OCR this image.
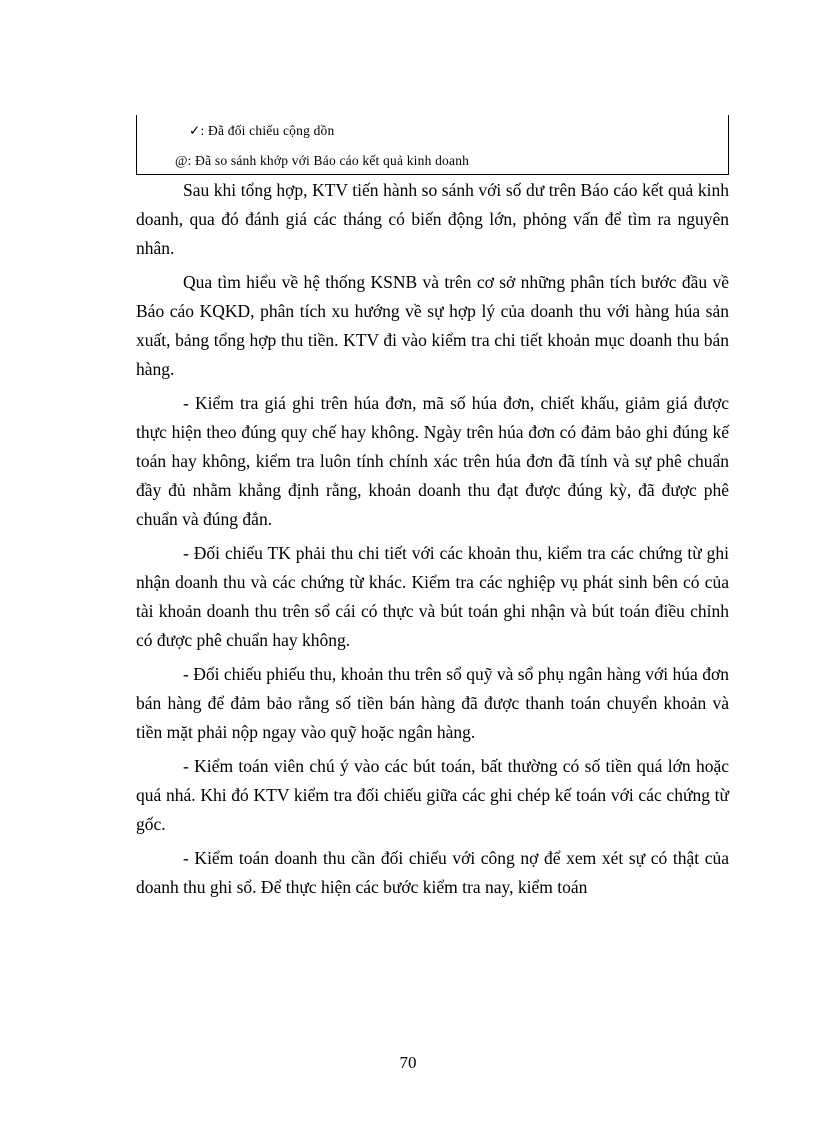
✓: Đã đối chiếu cộng dồn
@: Đã so sánh khớp với Báo cáo kết quả kinh doanh

Sau khi tổng hợp, KTV tiến hành so sánh với số dư trên Báo cáo kết quả kinh doanh, qua đó đánh giá các tháng có biến động lớn, phỏng vấn để tìm ra nguyên nhân.

Qua tìm hiểu về hệ thống KSNB và trên cơ sở những phân tích bước đầu về Báo cáo KQKD, phân tích xu hướng về sự hợp lý của doanh thu với hàng húa sản xuất, bảng tổng hợp thu tiền. KTV đi vào kiểm tra chi tiết khoản mục doanh thu bán hàng.

- Kiểm tra giá ghi trên húa đơn, mã số húa đơn, chiết khấu, giảm giá được thực hiện theo đúng quy chế hay không. Ngày trên húa đơn có đảm bảo ghi đúng kế toán hay không, kiểm tra luôn tính chính xác trên húa đơn đã tính và sự phê chuẩn đầy đủ nhằm khẳng định rằng, khoản doanh thu đạt được đúng kỳ, đã được phê chuẩn và đúng đắn.

- Đối chiếu TK phải thu chi tiết với các khoản thu, kiểm tra các chứng từ ghi nhận doanh thu và các chứng từ khác. Kiểm tra các nghiệp vụ phát sinh bên có của tài khoản doanh thu trên sổ cái có thực và bút toán ghi nhận và bút toán điều chỉnh có được phê chuẩn hay không.

- Đối chiếu phiếu thu, khoản thu trên sổ quỹ và sổ phụ ngân hàng với húa đơn bán hàng để đảm bảo rằng số tiền bán hàng đã được thanh toán chuyển khoản và tiền mặt phải nộp ngay vào quỹ hoặc ngân hàng.

- Kiểm toán viên chú ý vào các bút toán, bất thường có số tiền quá lớn hoặc quá nhá. Khi đó KTV kiểm tra đối chiếu giữa các ghi chép kế toán với các chứng từ gốc.

- Kiểm toán doanh thu cần đối chiếu với công nợ để xem xét sự có thật của doanh thu ghi sổ. Để thực hiện các bước kiểm tra nay, kiểm toán

70
